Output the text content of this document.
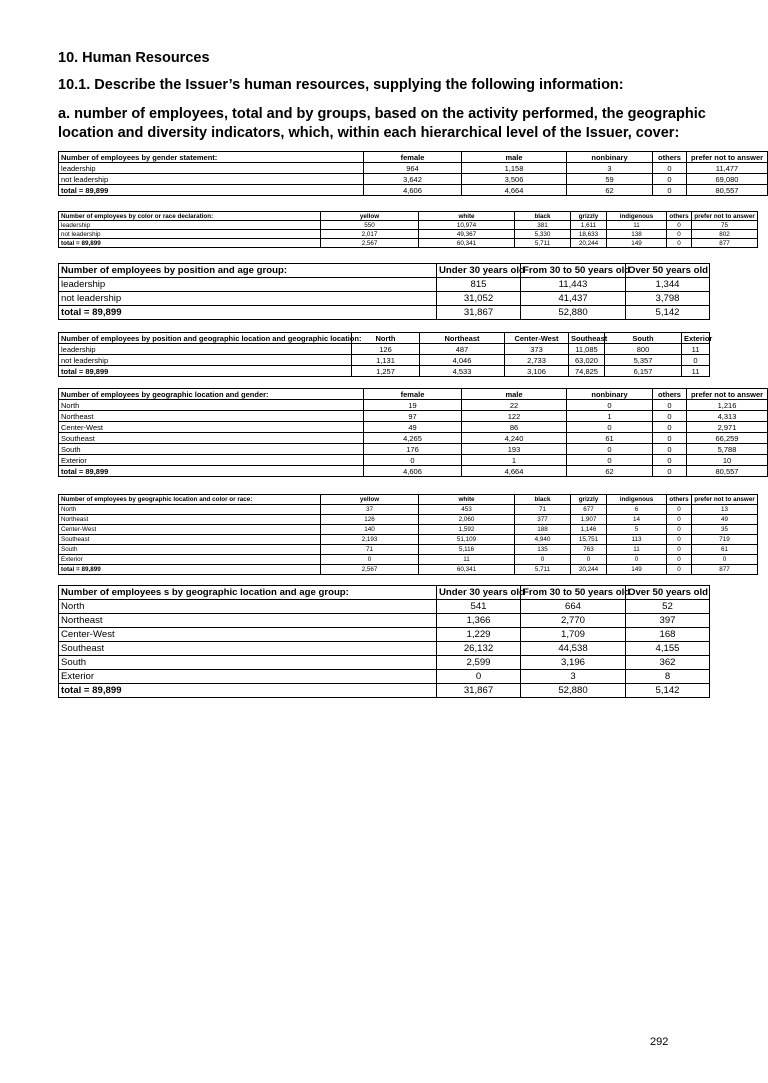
10. Human Resources
10.1. Describe the Issuer’s human resources, supplying the following information:
a. number of employees, total and by groups, based on the activity performed, the geographic location and diversity indicators, which, within each hierarchical level of the Issuer, cover:
Number of employees by gender statement:	female	male	nonbinary	others	prefer not to answer
leadership	964	1,158	3	0	11,477
not leadership	3,642	3,506	59	0	69,080
total = 89,899	4,606	4,664	62	0	80,557
Number of employees by color or race declaration:	yellow	white	black	grizzly	indigenous	others	prefer not to answer
leadership	550	10,974	381	1,611	11	0	75
not leadership	2,017	49,367	5,330	18,633	138	0	802
total = 89,899	2,567	60,341	5,711	20,244	149	0	877
Number of employees by position and age group:	Under 30 years old	From 30 to 50 years old	Over 50 years old
leadership	815	11,443	1,344
not leadership	31,052	41,437	3,798
total = 89,899	31,867	52,880	5,142
Number of employees by position and geographic location and geographic location:	North	Northeast	Center-West	Southeast	South	Exterior
leadership	126	487	373	11,085	800	11
not leadership	1,131	4,046	2,733	63,020	5,357	0
total = 89,899	1,257	4,533	3,106	74,825	6,157	11
Number of employees by geographic location and gender:	female	male	nonbinary	others	prefer not to answer
North	19	22	0	0	1,216
Northeast	97	122	1	0	4,313
Center-West	49	86	0	0	2,971
Southeast	4,265	4,240	61	0	66,259
South	176	193	0	0	5,788
Exterior	0	1	0	0	10
total = 89,899	4,606	4,664	62	0	80,557
Number of employees by geographic location and color or race:	yellow	white	black	grizzly	indigenous	others	prefer not to answer
North	37	453	71	677	6	0	13
Northeast	126	2,060	377	1,907	14	0	49
Center-West	140	1,592	188	1,146	5	0	35
Southeast	2,193	51,109	4,940	15,751	113	0	719
South	71	5,116	135	763	11	0	61
Exterior	0	11	0	0	0	0	0
total = 89,899	2,567	60,341	5,711	20,244	149	0	877
Number of employees s by geographic location and age group:	Under 30 years old	From 30 to 50 years old	Over 50 years old
North	541	664	52
Northeast	1,366	2,770	397
Center-West	1,229	1,709	168
Southeast	26,132	44,538	4,155
South	2,599	3,196	362
Exterior	0	3	8
total = 89,899	31,867	52,880	5,142
292
